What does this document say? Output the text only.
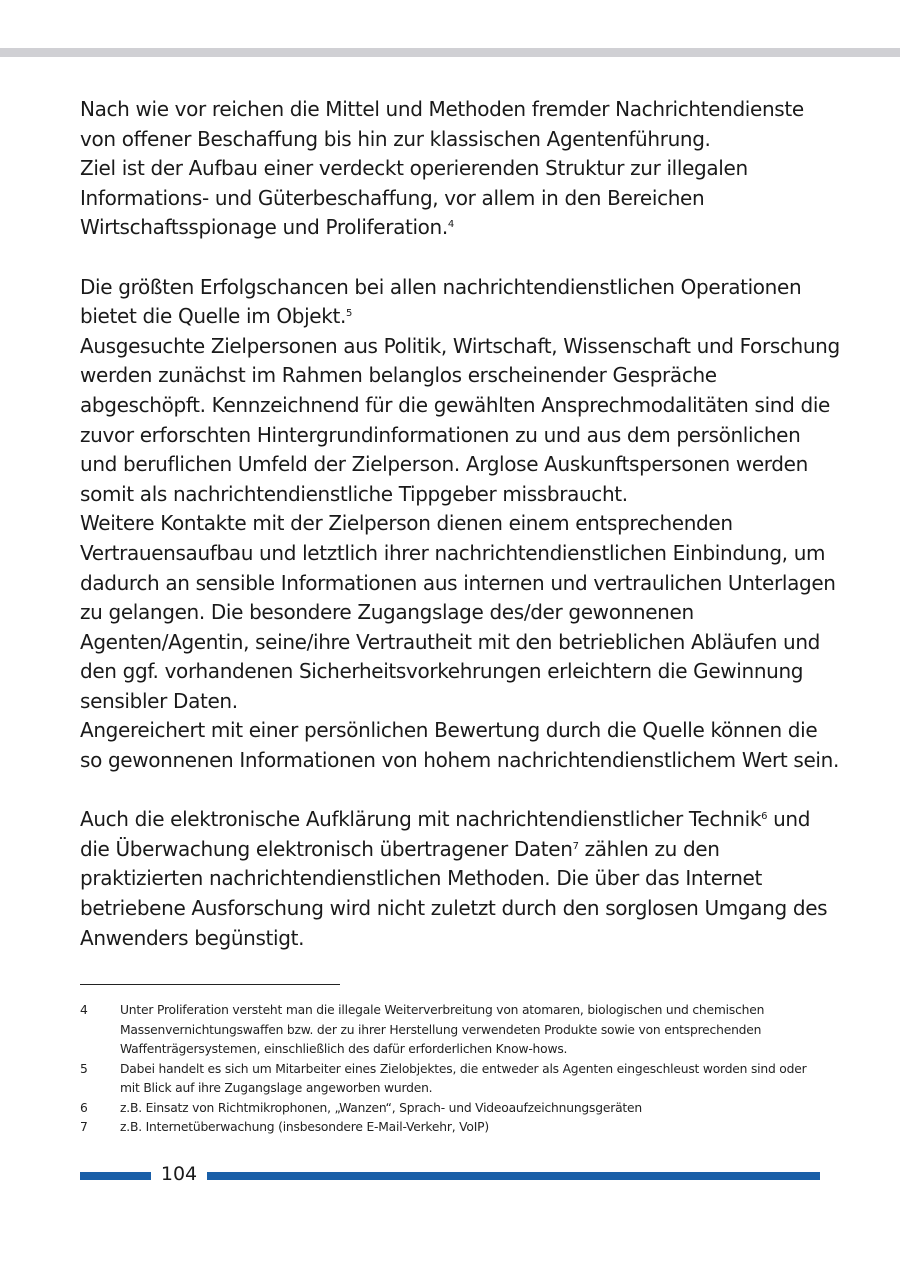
Nach wie vor reichen die Mittel und Methoden fremder Nachrichtendienste von offener Beschaffung bis hin zur klassischen Agentenführung.

Ziel ist der Aufbau einer verdeckt operierenden Struktur zur illegalen Informations- und Güterbeschaffung, vor allem in den Bereichen Wirtschaftsspionage und Proliferation.$^4$

Die größten Erfolgschancen bei allen nachrichtendienstlichen Operationen bietet die Quelle im Objekt.$^5$

Ausgesuchte Zielpersonen aus Politik, Wirtschaft, Wissenschaft und Forschung werden zunächst im Rahmen belanglos erscheinender Gespräche abgeschöpft. Kennzeichnend für die gewählten Ansprechmodalitäten sind die zuvor erforschten Hintergrundinformationen zu und aus dem persönlichen und beruflichen Umfeld der Zielperson. Arglose Auskunftspersonen werden somit als nachrichtendienstliche Tippgeber missbraucht.

Weitere Kontakte mit der Zielperson dienen einem entsprechenden Vertrauensaufbau und letztlich ihrer nachrichtendienstlichen Einbindung, um dadurch an sensible Informationen aus internen und vertraulichen Unterlagen zu gelangen. Die besondere Zugangslage des/der gewonnenen Agenten/Agentin, seine/ihre Vertrautheit mit den betrieblichen Abläufen und den ggf. vorhandenen Sicherheitsvorkehrungen erleichtern die Gewinnung sensibler Daten.

Angereichert mit einer persönlichen Bewertung durch die Quelle können die so gewonnenen Informationen von hohem nachrichtendienstlichem Wert sein.

Auch die elektronische Aufklärung mit nachrichtendienstlicher Technik$^6$ und die Überwachung elektronisch übertragener Daten$^7$ zählen zu den praktizierten nachrichtendienstlichen Methoden. Die über das Internet betriebene Ausforschung wird nicht zuletzt durch den sorglosen Umgang des Anwenders begünstigt.

4	Unter Proliferation versteht man die illegale Weiterverbreitung von atomaren, biologischen und chemischen Massenvernichtungswaffen bzw. der zu ihrer Herstellung verwendeten Produkte sowie von entsprechenden Waffenträgersystemen, einschließlich des dafür erforderlichen Know-hows.
5	Dabei handelt es sich um Mitarbeiter eines Zielobjektes, die entweder als Agenten eingeschleust worden sind oder mit Blick auf ihre Zugangslage angeworben wurden.
6	z.B. Einsatz von Richtmikrophonen, „Wanzen“, Sprach- und Videoaufzeichnungsgeräten
7	z.B. Internetüberwachung (insbesondere E-Mail-Verkehr, VoIP)
104
